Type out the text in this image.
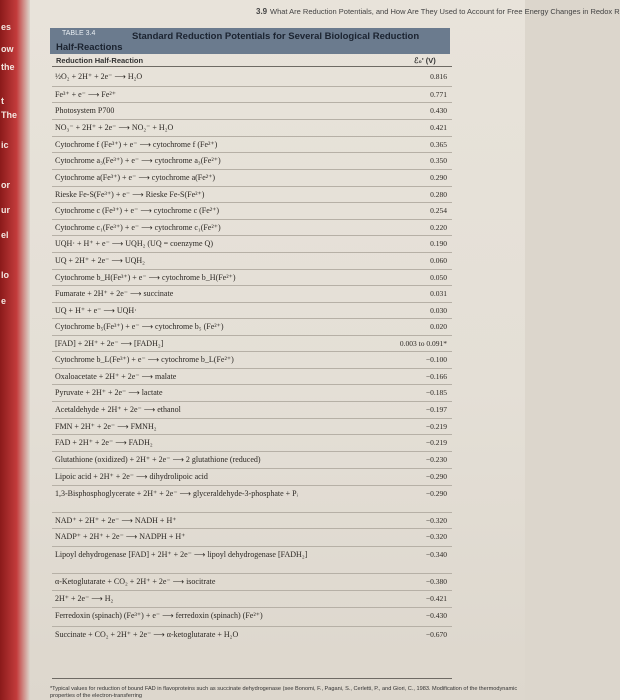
es
ow
the
t
The
ic
or
ur
el
lo
e
3.9 What Are Reduction Potentials, and How Are They Used to Account for Free Energy Changes in Redox R
TABLE 3.4	Standard Reduction Potentials for Several Biological Reduction
Half-Reactions
Reduction Half-Reaction	ℰ₀' (V)
½O₂ + 2H⁺ + 2e⁻ ⟶ H₂O	0.816
Fe³⁺ + e⁻ ⟶ Fe²⁺	0.771
Photosystem P700	0.430
NO₃⁻ + 2H⁺ + 2e⁻ ⟶ NO₂⁻ + H₂O	0.421
Cytochrome f (Fe³⁺) + e⁻ ⟶ cytochrome f (Fe²⁺)	0.365
Cytochrome a₃(Fe³⁺) + e⁻ ⟶ cytochrome a₃(Fe²⁺)	0.350
Cytochrome a(Fe³⁺) + e⁻ ⟶ cytochrome a(Fe²⁺)	0.290
Rieske Fe-S(Fe³⁺) + e⁻ ⟶ Rieske Fe-S(Fe²⁺)	0.280
Cytochrome c (Fe³⁺) + e⁻ ⟶ cytochrome c (Fe²⁺)	0.254
Cytochrome c₁(Fe³⁺) + e⁻ ⟶ cytochrome c₁(Fe²⁺)	0.220
UQH· + H⁺ + e⁻ ⟶ UQH₂ (UQ = coenzyme Q)	0.190
UQ + 2H⁺ + 2e⁻ ⟶ UQH₂	0.060
Cytochrome b_H(Fe³⁺) + e⁻ ⟶ cytochrome b_H(Fe²⁺)	0.050
Fumarate + 2H⁺ + 2e⁻ ⟶ succinate	0.031
UQ + H⁺ + e⁻ ⟶ UQH·	0.030
Cytochrome b₅(Fe³⁺) + e⁻ ⟶ cytochrome b₅ (Fe²⁺)	0.020
[FAD] + 2H⁺ + 2e⁻ ⟶ [FADH₂]	0.003 to 0.091*
Cytochrome b_L(Fe³⁺) + e⁻ ⟶ cytochrome b_L(Fe²⁺)	−0.100
Oxaloacetate + 2H⁺ + 2e⁻ ⟶ malate	−0.166
Pyruvate + 2H⁺ + 2e⁻ ⟶ lactate	−0.185
Acetaldehyde + 2H⁺ + 2e⁻ ⟶ ethanol	−0.197
FMN + 2H⁺ + 2e⁻ ⟶ FMNH₂	−0.219
FAD + 2H⁺ + 2e⁻ ⟶ FADH₂	−0.219
Glutathione (oxidized) + 2H⁺ + 2e⁻ ⟶ 2 glutathione (reduced)	−0.230
Lipoic acid + 2H⁺ + 2e⁻ ⟶ dihydrolipoic acid	−0.290
1,3-Bisphosphoglycerate + 2H⁺ + 2e⁻ ⟶ glyceraldehyde-3-phosphate + Pᵢ	−0.290
NAD⁺ + 2H⁺ + 2e⁻ ⟶ NADH + H⁺	−0.320
NADP⁺ + 2H⁺ + 2e⁻ ⟶ NADPH + H⁺	−0.320
Lipoyl dehydrogenase [FAD] + 2H⁺ + 2e⁻ ⟶ lipoyl dehydrogenase [FADH₂]	−0.340
α-Ketoglutarate + CO₂ + 2H⁺ + 2e⁻ ⟶ isocitrate	−0.380
2H⁺ + 2e⁻ ⟶ H₂	−0.421
Ferredoxin (spinach) (Fe³⁺) + e⁻ ⟶ ferredoxin (spinach) (Fe²⁺)	−0.430
Succinate + CO₂ + 2H⁺ + 2e⁻ ⟶ α-ketoglutarate + H₂O	−0.670
*Typical values for reduction of bound FAD in flavoproteins such as succinate dehydrogenase (see Bonomi, F., Pagani, S., Cerletti, P., and Giori, C., 1983. Modification of the thermodynamic properties of the electron-transferring
